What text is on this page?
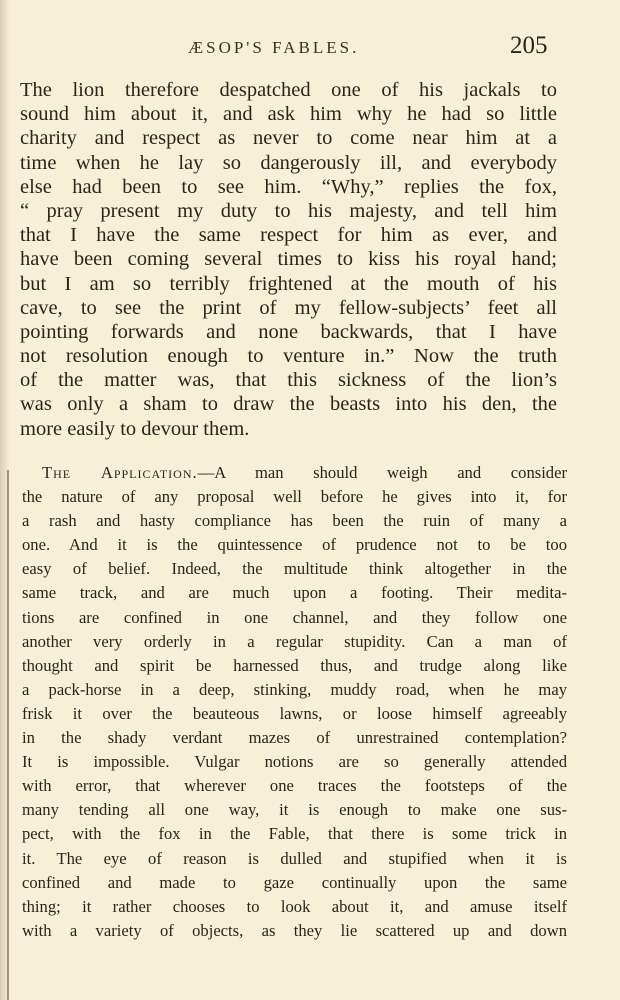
ÆSOP'S FABLES.	205
The lion therefore despatched one of his jackals to
sound him about it, and ask him why he had so little
charity and respect as never to come near him at a
time when he lay so dangerously ill, and everybody
else had been to see him. “Why,” replies the fox,
“ pray present my duty to his majesty, and tell him
that I have the same respect for him as ever, and
have been coming several times to kiss his royal hand;
but I am so terribly frightened at the mouth of his
cave, to see the print of my fellow-subjects’ feet all
pointing forwards and none backwards, that I have
not resolution enough to venture in.” Now the truth
of the matter was, that this sickness of the lion’s
was only a sham to draw the beasts into his den, the
more easily to devour them.
The Application.—A man should weigh and consider
the nature of any proposal well before he gives into it, for
a rash and hasty compliance has been the ruin of many a
one. And it is the quintessence of prudence not to be too
easy of belief. Indeed, the multitude think altogether in the
same track, and are much upon a footing. Their medita-
tions are confined in one channel, and they follow one
another very orderly in a regular stupidity. Can a man of
thought and spirit be harnessed thus, and trudge along like
a pack-horse in a deep, stinking, muddy road, when he may
frisk it over the beauteous lawns, or loose himself agreeably
in the shady verdant mazes of unrestrained contemplation?
It is impossible. Vulgar notions are so generally attended
with error, that wherever one traces the footsteps of the
many tending all one way, it is enough to make one sus-
pect, with the fox in the Fable, that there is some trick in
it. The eye of reason is dulled and stupified when it is
confined and made to gaze continually upon the same
thing; it rather chooses to look about it, and amuse itself
with a variety of objects, as they lie scattered up and down
